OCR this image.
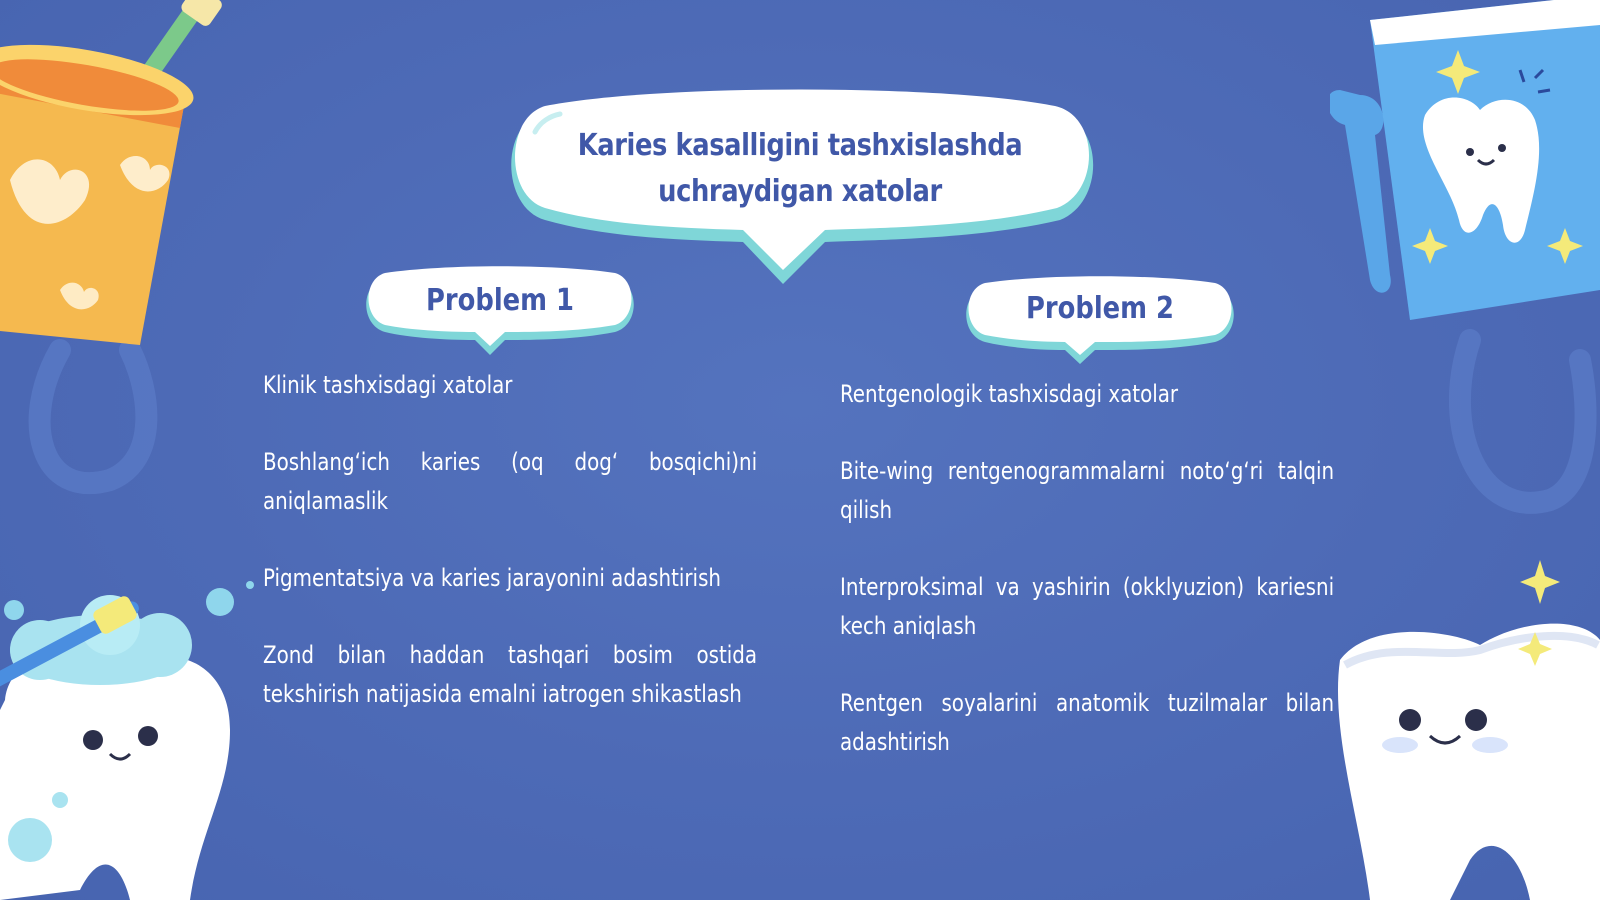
Karies kasalligini tashxislashda uchraydigan xatolar
Problem 1	Problem 2

Klinik tashxisdagi xatolar

Boshlang‘ich karies (oq dog‘ bosqichi)ni aniqlamaslik

Pigmentatsiya va karies jarayonini adashtirish

Zond bilan haddan tashqari bosim ostida tekshirish natijasida emalni iatrogen shikastlash

Rentgenologik tashxisdagi xatolar

Bite-wing rentgenogrammalarni noto‘g‘ri talqin qilish

Interproksimal va yashirin (okklyuzion) kariesni kech aniqlash

Rentgen soyalarini anatomik tuzilmalar bilan adashtirish
